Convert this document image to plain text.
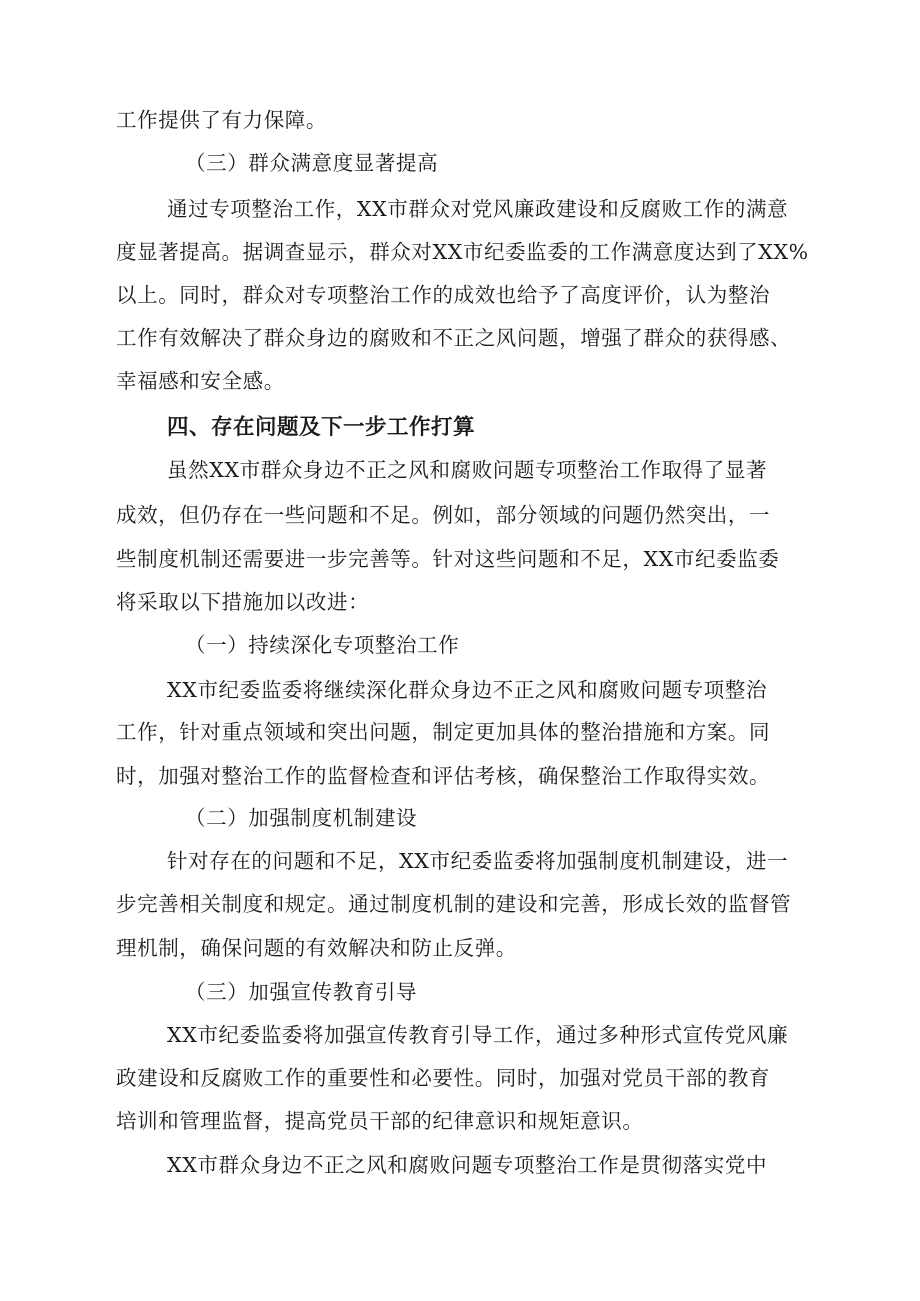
工作提供了有力保障。
（三）群众满意度显著提高
通过专项整治工作，XX市群众对党风廉政建设和反腐败工作的满意
度显著提高。据调查显示，群众对XX市纪委监委的工作满意度达到了XX%
以上。同时，群众对专项整治工作的成效也给予了高度评价，认为整治
工作有效解决了群众身边的腐败和不正之风问题，增强了群众的获得感、
幸福感和安全感。
四、存在问题及下一步工作打算
虽然XX市群众身边不正之风和腐败问题专项整治工作取得了显著
成效，但仍存在一些问题和不足。例如，部分领域的问题仍然突出，一
些制度机制还需要进一步完善等。针对这些问题和不足，XX市纪委监委
将采取以下措施加以改进：
（一）持续深化专项整治工作
XX市纪委监委将继续深化群众身边不正之风和腐败问题专项整治
工作，针对重点领域和突出问题，制定更加具体的整治措施和方案。同
时，加强对整治工作的监督检查和评估考核，确保整治工作取得实效。
（二）加强制度机制建设
针对存在的问题和不足，XX市纪委监委将加强制度机制建设，进一
步完善相关制度和规定。通过制度机制的建设和完善，形成长效的监督管
理机制，确保问题的有效解决和防止反弹。
（三）加强宣传教育引导
XX市纪委监委将加强宣传教育引导工作，通过多种形式宣传党风廉
政建设和反腐败工作的重要性和必要性。同时，加强对党员干部的教育
培训和管理监督，提高党员干部的纪律意识和规矩意识。
XX市群众身边不正之风和腐败问题专项整治工作是贯彻落实党中
